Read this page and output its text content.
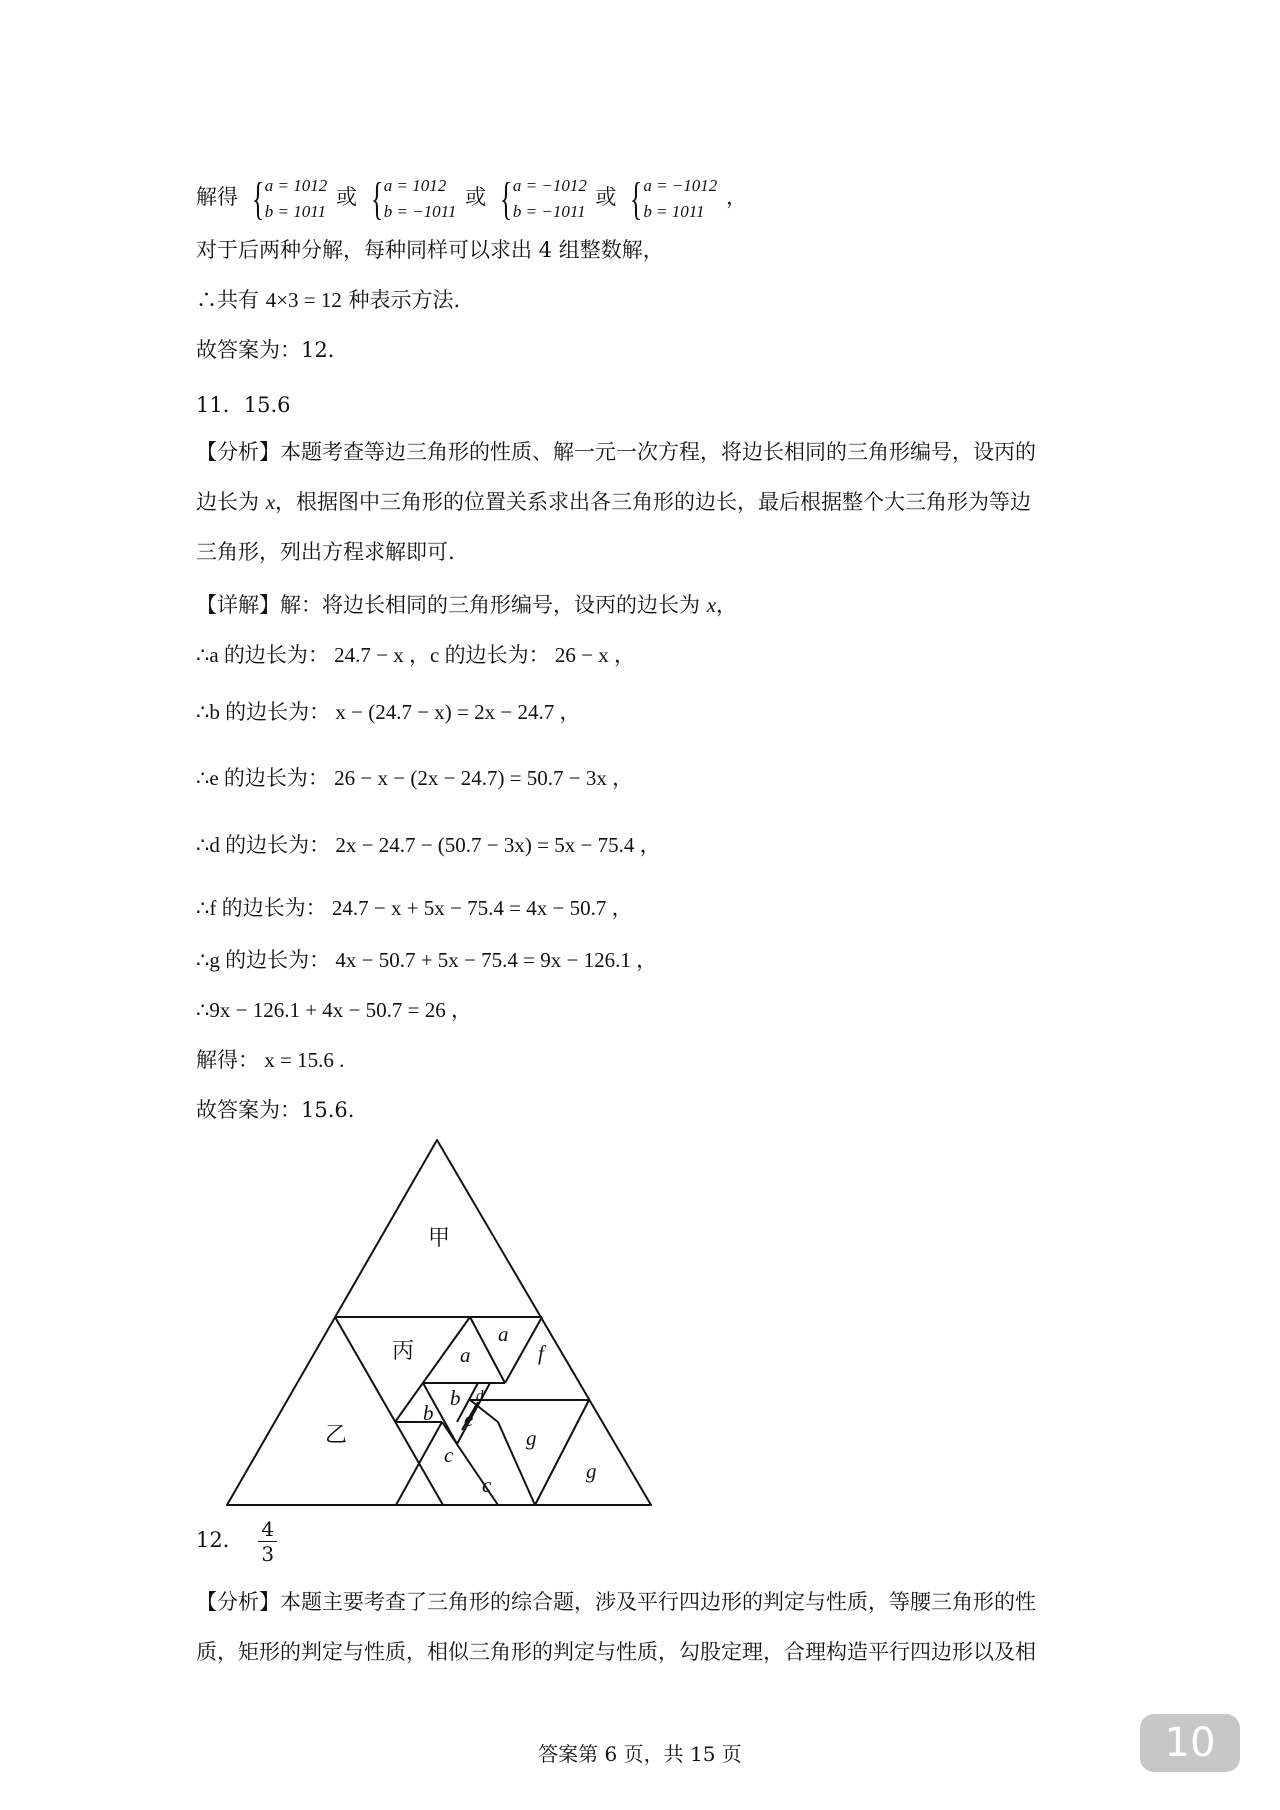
解得 { a = 1012
b = 1011
或 { a = 1012
b = −1011
或 { a = −1012
b = −1011
或 { a = −1012
b = 1011
，
对于后两种分解，每种同样可以求出 4 组整数解，
∴共有 4×3 = 12 种表示方法.
故答案为：12．
11．15.6
【分析】本题考查等边三角形的性质、解一元一次方程，将边长相同的三角形编号，设丙的
边长为 x，根据图中三角形的位置关系求出各三角形的边长，最后根据整个大三角形为等边
三角形，列出方程求解即可.
【详解】解：将边长相同的三角形编号，设丙的边长为 x，
∴a 的边长为： 24.7 − x ，c 的边长为： 26 − x ，
∴b 的边长为： x − (24.7 − x) = 2x − 24.7 ，
∴e 的边长为： 26 − x − (2x − 24.7) = 50.7 − 3x ，
∴d 的边长为： 2x − 24.7 − (50.7 − 3x) = 5x − 75.4 ，
∴f 的边长为： 24.7 − x + 5x − 75.4 = 4x − 50.7 ，
∴g 的边长为： 4x − 50.7 + 5x − 75.4 = 9x − 126.1 ，
∴9x − 126.1 + 4x − 50.7 = 26 ，
解得： x = 15.6 .
故答案为：15.6.
甲
丙
乙
a
a
f
b
b
d
e
c
c
g
g
12． $\frac{4}{3}$
【分析】本题主要考查了三角形的综合题，涉及平行四边形的判定与性质，等腰三角形的性
质，矩形的判定与性质，相似三角形的判定与性质，勾股定理，合理构造平行四边形以及相
答案第 6 页，共 15 页	10
